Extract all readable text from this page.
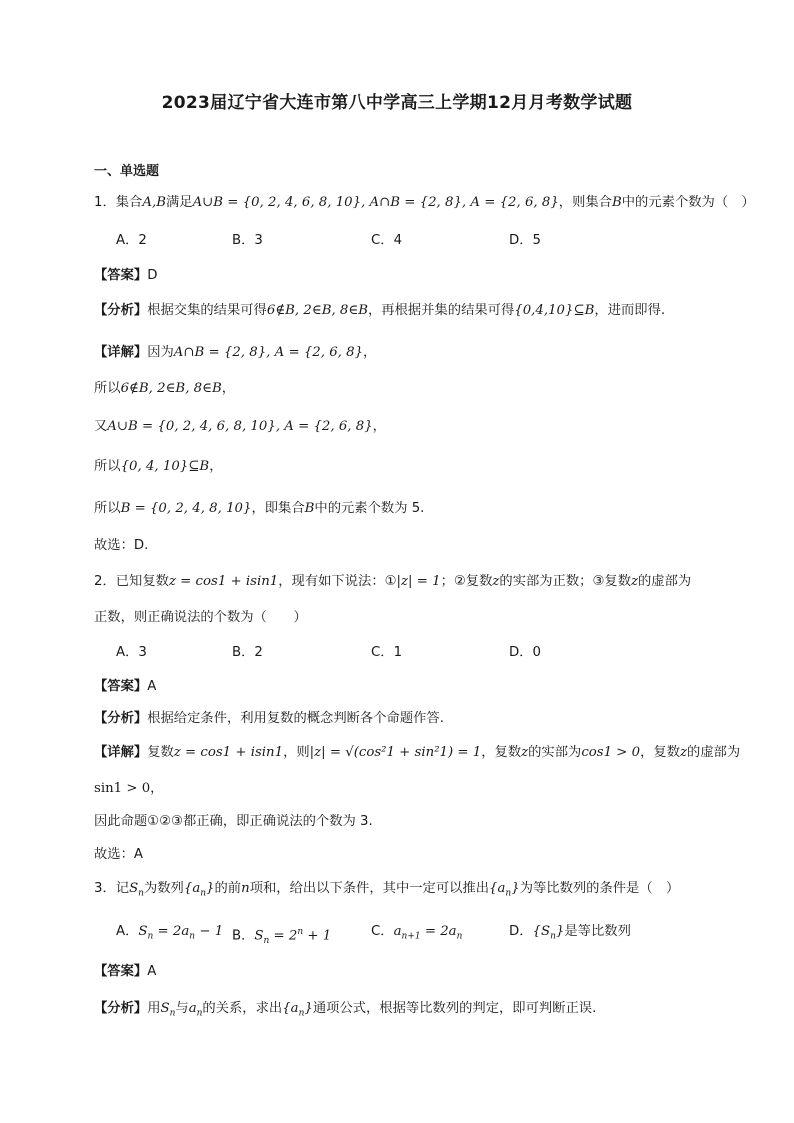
2023届辽宁省大连市第八中学高三上学期12月月考数学试题
一、单选题
1．集合A,B满足A∪B = {0, 2, 4, 6, 8, 10}, A∩B = {2, 8}, A = {2, 6, 8}，则集合B中的元素个数为（　）
A．2	B．3	C．4	D．5
【答案】D
【分析】根据交集的结果可得6∉B, 2∈B, 8∈B，再根据并集的结果可得{0,4,10}⊆B，进而即得.
【详解】因为A∩B = {2, 8}, A = {2, 6, 8}，
所以6∉B, 2∈B, 8∈B，
又A∪B = {0, 2, 4, 6, 8, 10}, A = {2, 6, 8}，
所以{0, 4, 10}⊆B，
所以B = {0, 2, 4, 8, 10}，即集合B中的元素个数为 5.
故选：D.
2．已知复数z = cos1 + isin1，现有如下说法：①|z| = 1；②复数z的实部为正数；③复数z的虚部为
正数，则正确说法的个数为（　　）
A．3	B．2	C．1	D．0
【答案】A
【分析】根据给定条件，利用复数的概念判断各个命题作答.
【详解】复数z = cos1 + isin1，则|z| = √(cos²1 + sin²1) = 1，复数z的实部为cos1 > 0，复数z的虚部为
sin1 > 0，
因此命题①②③都正确，即正确说法的个数为 3.
故选：A
3．记$S_n$为数列$\{a_n\}$的前n项和，给出以下条件，其中一定可以推出$\{a_n\}$为等比数列的条件是（　）
A．$S_n = 2a_n - 1$ B．$S_n = 2^n + 1$	C．$a_{n+1} = 2a_n$	D．$\{S_n\}$是等比数列
【答案】A
【分析】用$S_n$与$a_n$的关系，求出$\{a_n\}$通项公式，根据等比数列的判定，即可判断正误.
